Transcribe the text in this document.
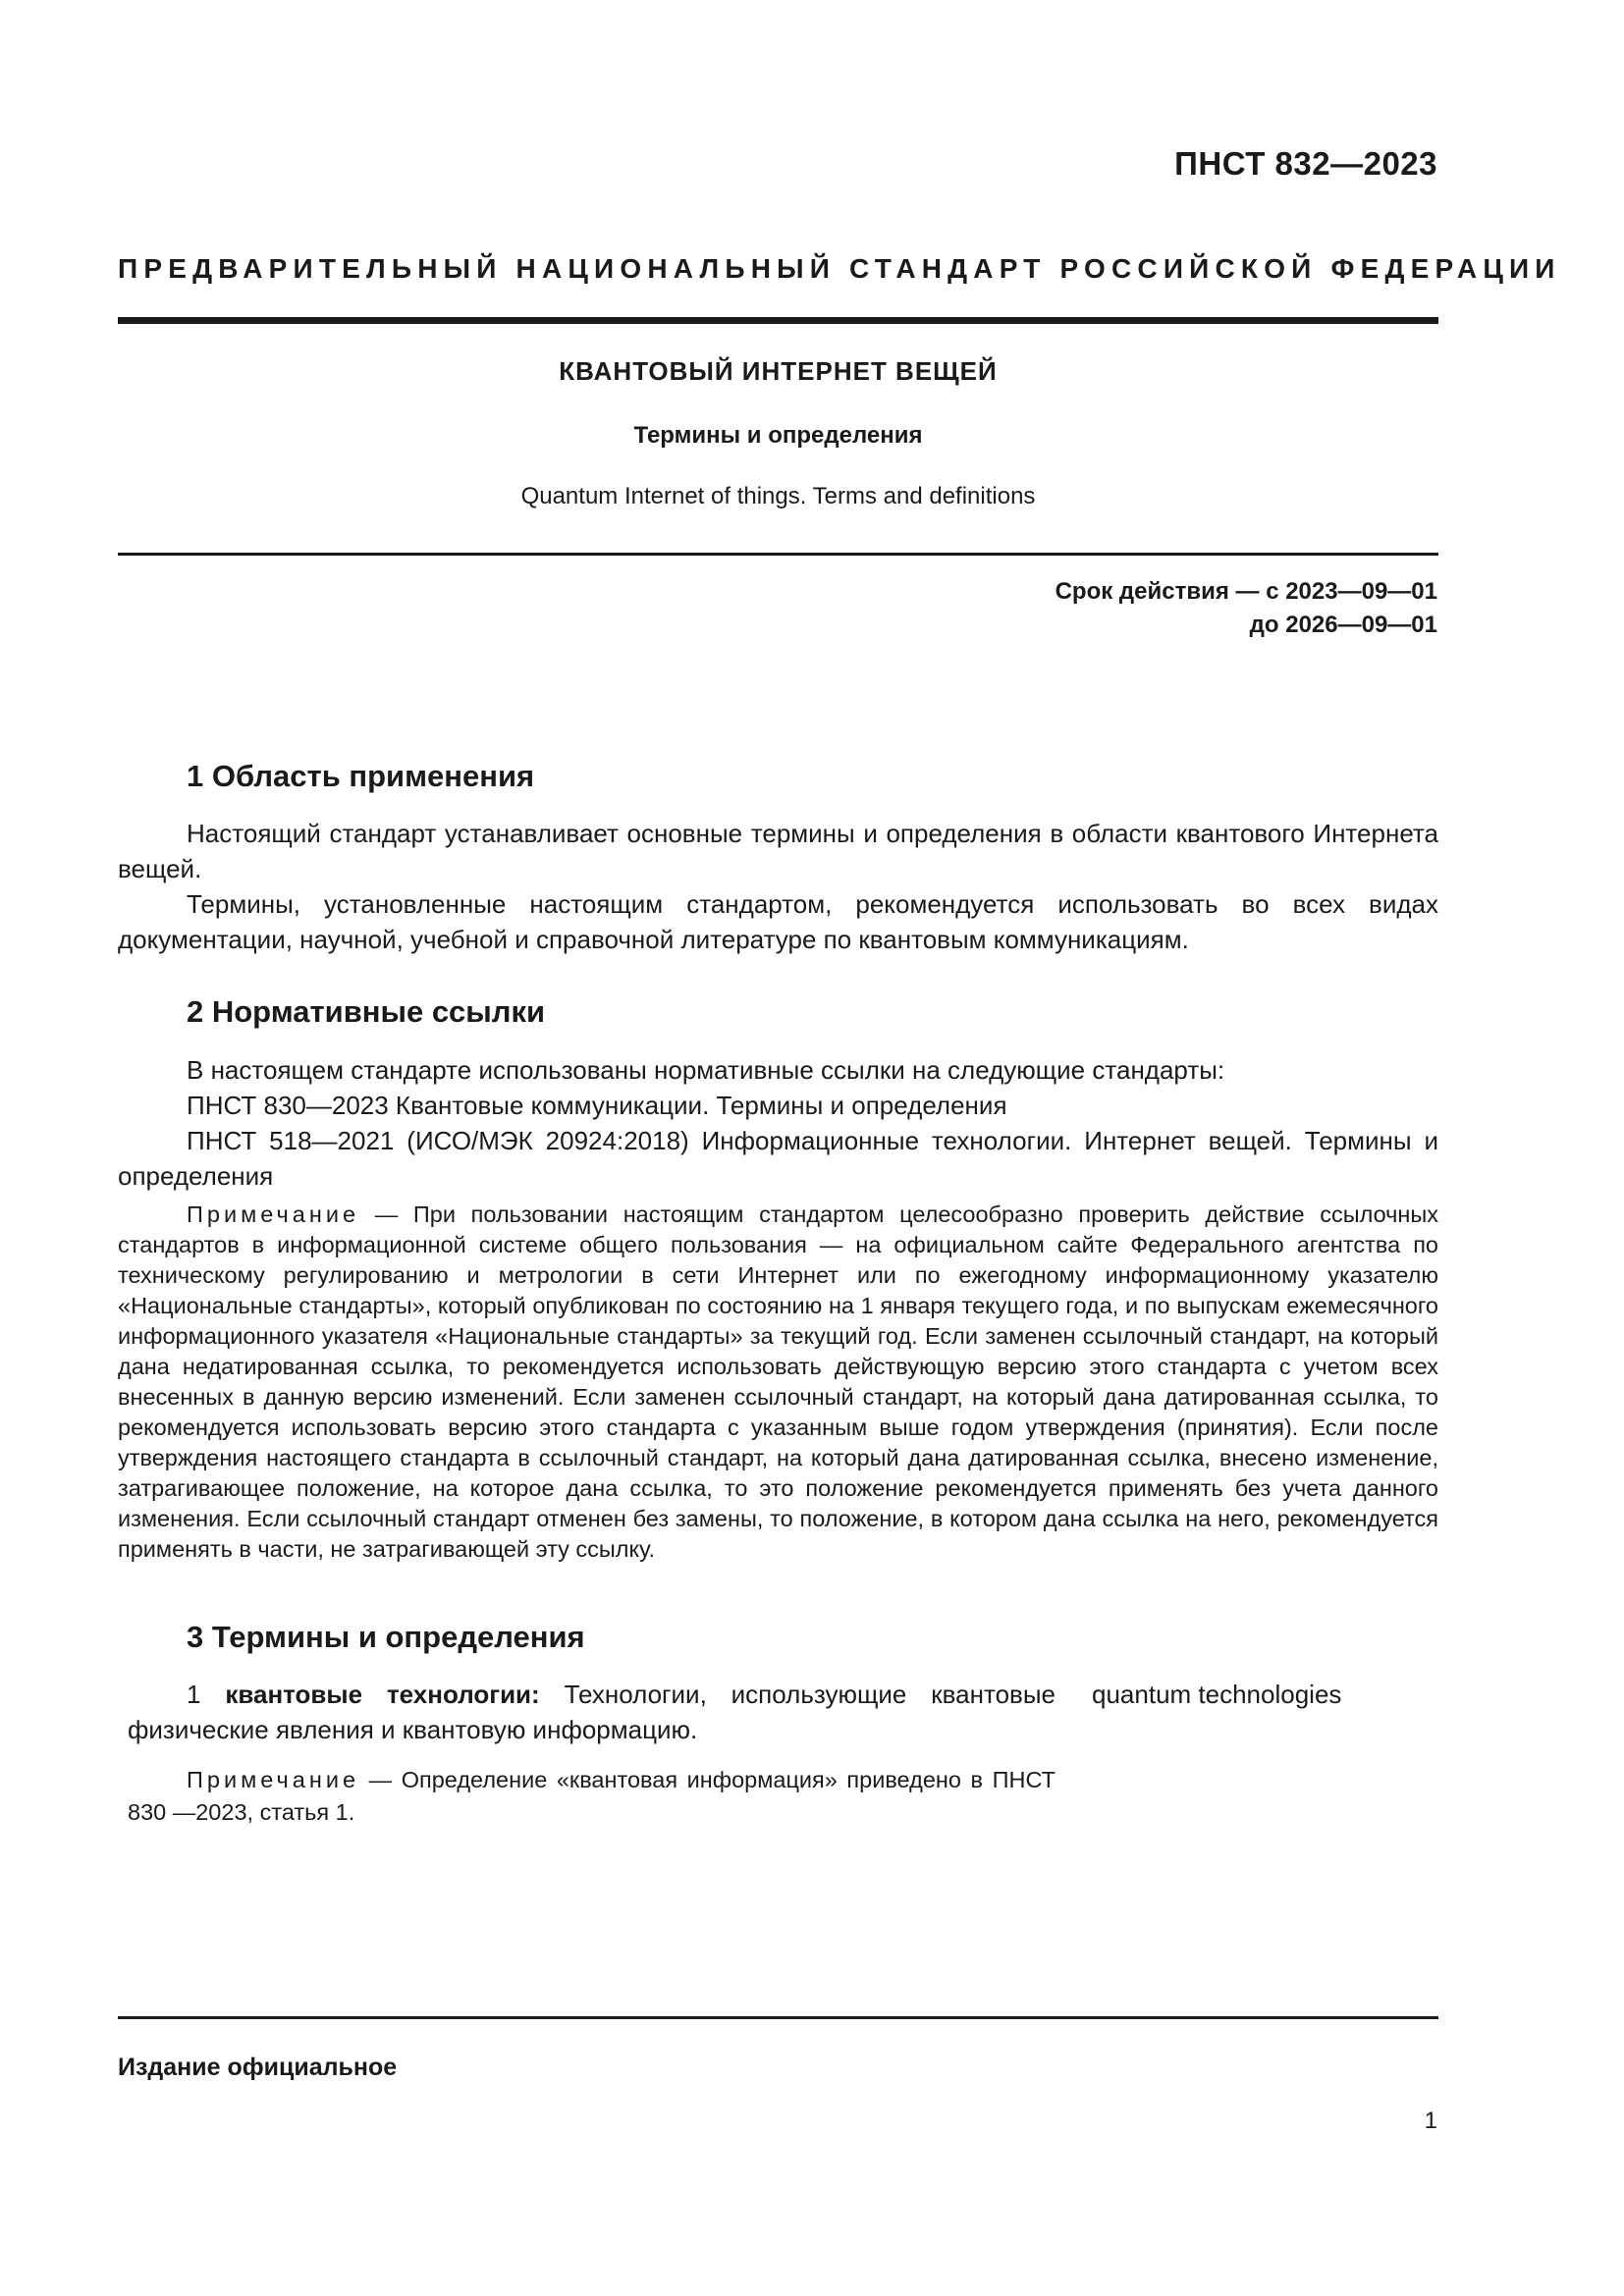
ПНСТ 832—2023
ПРЕДВАРИТЕЛЬНЫЙ НАЦИОНАЛЬНЫЙ СТАНДАРТ РОССИЙСКОЙ ФЕДЕРАЦИИ
КВАНТОВЫЙ ИНТЕРНЕТ ВЕЩЕЙ
Термины и определения
Quantum Internet of things. Terms and definitions
Срок действия — с 2023—09—01
до 2026—09—01
1 Область применения

Настоящий стандарт устанавливает основные термины и определения в области квантового Интернета вещей.

Термины, установленные настоящим стандартом, рекомендуется использовать во всех видах документации, научной, учебной и справочной литературе по квантовым коммуникациям.

2 Нормативные ссылки

В настоящем стандарте использованы нормативные ссылки на следующие стандарты:

ПНСТ 830—2023 Квантовые коммуникации. Термины и определения

ПНСТ 518—2021 (ИСО/МЭК 20924:2018) Информационные технологии. Интернет вещей. Термины и определения

Примечание — При пользовании настоящим стандартом целесообразно проверить действие ссылочных стандартов в информационной системе общего пользования — на официальном сайте Федерального агентства по техническому регулированию и метрологии в сети Интернет или по ежегодному информационному указателю «Национальные стандарты», который опубликован по состоянию на 1 января текущего года, и по выпускам ежемесячного информационного указателя «Национальные стандарты» за текущий год. Если заменен ссылочный стандарт, на который дана недатированная ссылка, то рекомендуется использовать действующую версию этого стандарта с учетом всех внесенных в данную версию изменений. Если заменен ссылочный стандарт, на который дана датированная ссылка, то рекомендуется использовать версию этого стандарта с указанным выше годом утверждения (принятия). Если после утверждения настоящего стандарта в ссылочный стандарт, на который дана датированная ссылка, внесено изменение, затрагивающее положение, на которое дана ссылка, то это положение рекомендуется применять без учета данного изменения. Если ссылочный стандарт отменен без замены, то положение, в котором дана ссылка на него, рекомендуется применять в части, не затрагивающей эту ссылку.

3 Термины и определения

1 квантовые технологии: Технологии, использующие квантовые физические явления и квантовую информацию.

quantum technologies

Примечание — Определение «квантовая информация» приведено в ПНСТ 830 —2023, статья 1.

Издание официальное
1
